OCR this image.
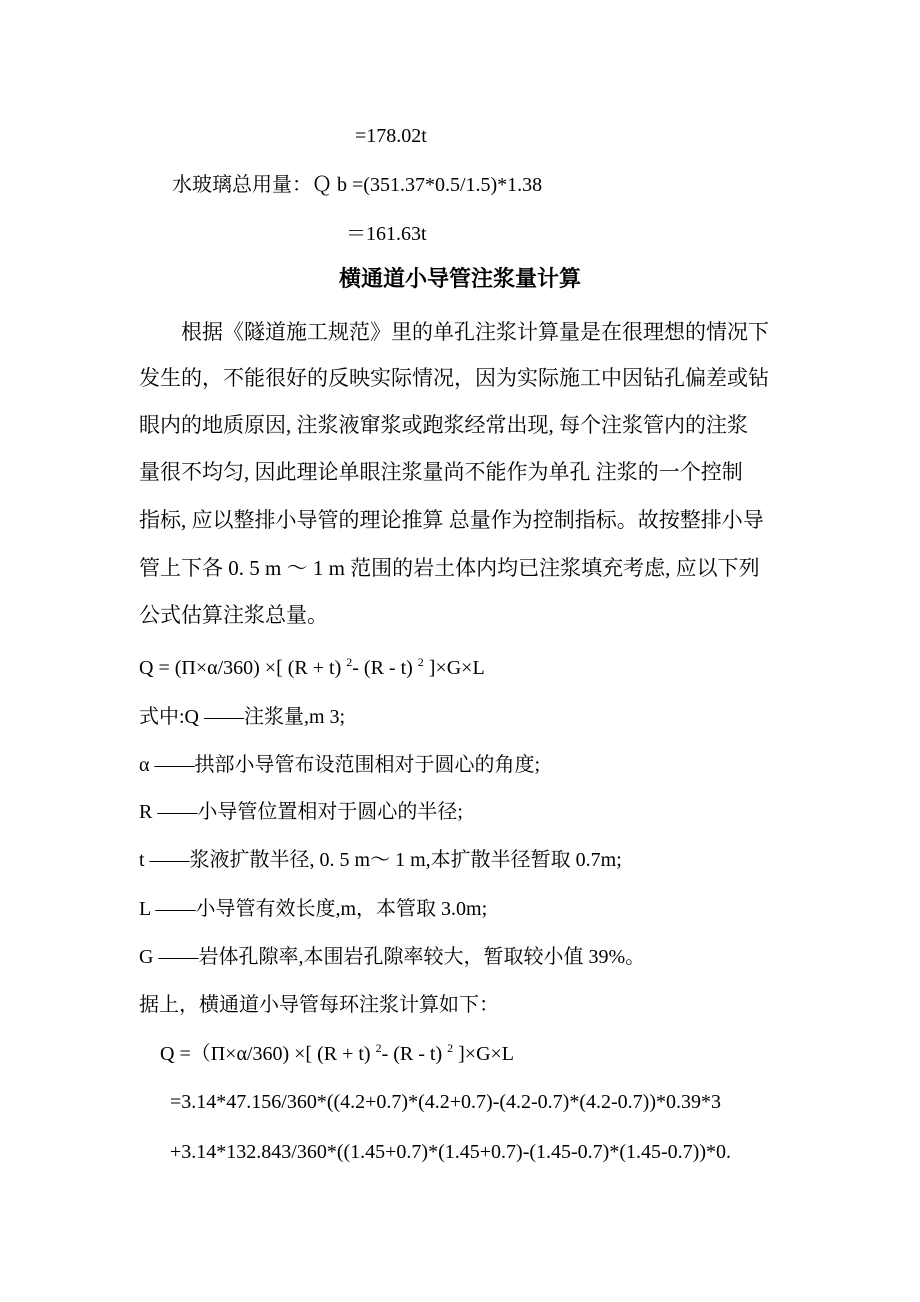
=178.02t
水玻璃总用量：Ｑ b =(351.37*0.5/1.5)*1.38
＝161.63t
横通道小导管注浆量计算
根据《隧道施工规范》里的单孔注浆计算量是在很理想的情况下
发生的，不能很好的反映实际情况，因为实际施工中因钻孔偏差或钻
眼内的地质原因, 注浆液窜浆或跑浆经常出现, 每个注浆管内的注浆
量很不均匀, 因此理论单眼注浆量尚不能作为单孔 注浆的一个控制
指标, 应以整排小导管的理论推算 总量作为控制指标。故按整排小导
管上下各 0. 5 m ～ 1 m 范围的岩土体内均已注浆填充考虑, 应以下列
公式估算注浆总量。
Q = (Π×α/360) ×[ (R + t) $^2$- (R - t) $^2$ ]×G×L
式中:Q ——注浆量,m 3;
α ——拱部小导管布设范围相对于圆心的角度;
R ——小导管位置相对于圆心的半径;
t ——浆液扩散半径, 0. 5 m～ 1 m,本扩散半径暂取 0.7m;
L ——小导管有效长度,m，本管取 3.0m;
G ——岩体孔隙率,本围岩孔隙率较大，暂取较小值 39%。
据上，横通道小导管每环注浆计算如下：
Q =（Π×α/360) ×[ (R + t) $^2$- (R - t) $^2$ ]×G×L
=3.14*47.156/360*((4.2+0.7)*(4.2+0.7)-(4.2-0.7)*(4.2-0.7))*0.39*3
+3.14*132.843/360*((1.45+0.7)*(1.45+0.7)-(1.45-0.7)*(1.45-0.7))*0.
